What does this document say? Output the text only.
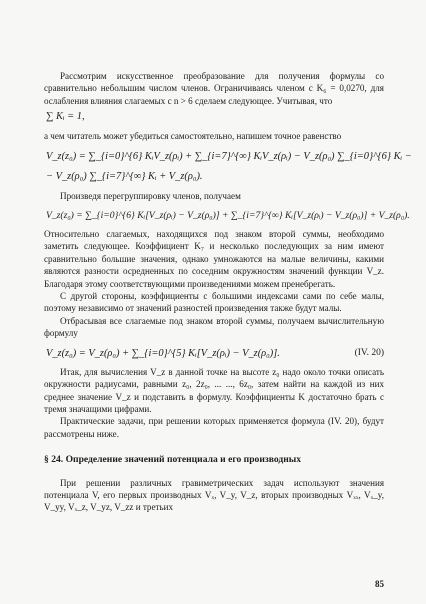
Рассмотрим искусственное преобразование для получения формулы со сравнительно небольшим числом членов. Ограничиваясь членом с K₆ = 0,0270, для ослабления влияния слагаемых с n > 6 сделаем следующее. Учитывая, что

∑ Kᵢ = 1,

а чем читатель может убедиться самостоятельно, напишем точное равенство

V_z(z₀) = ∑_{i=0}^{6} KᵢV_z(ρᵢ) + ∑_{i=7}^{∞} KᵢV_z(ρᵢ) − V_z(ρ₀) ∑_{i=0}^{6} Kᵢ −
− V_z(ρ₀) ∑_{i=7}^{∞} Kᵢ + V_z(ρ₀).

Произведя перегруппировку членов, получаем

V_z(z₀) = ∑_{i=0}^{6} Kᵢ[V_z(ρᵢ) − V_z(ρ₀)] + ∑_{i=7}^{∞} Kᵢ[V_z(ρᵢ) − V_z(ρ₀)] + V_z(ρ₀).

Относительно слагаемых, находящихся под знаком второй суммы, необходимо заметить следующее. Коэффициент K₇ и несколько последующих за ним имеют сравнительно большие значения, однако умножаются на малые величины, какими являются разности осредненных по соседним окружностям значений функции V_z. Благодаря этому соответствующими произведениями можем пренебрегать.

С другой стороны, коэффициенты с большими индексами сами по себе малы, поэтому независимо от значений разностей произведения также будут малы.

Отбрасывая все слагаемые под знаком второй суммы, получаем вычислительную формулу

V_z(z₀) = V_z(ρ₀) + ∑_{i=0}^{5} Kᵢ[V_z(ρᵢ) − V_z(ρ₀)].	(IV. 20)

Итак, для вычисления V_z в данной точке на высоте z₀ надо около точки описать окружности радиусами, равными z₀, 2z₀, ... ..., 6z₀, затем найти на каждой из них среднее значение V_z и подставить в формулу. Коэффициенты K достаточно брать с тремя значащими цифрами.

Практические задачи, при решении которых применяется формула (IV. 20), будут рассмотрены ниже.

§ 24. Определение значений потенциала и его производных

При решении различных гравиметрических задач используют значения потенциала V, его первых производных Vₓ, V_y, V_z, вторых производных Vₓₓ, Vₓ_y, V_yy, Vₓ_z, V_yz, V_zz и третьих

85
